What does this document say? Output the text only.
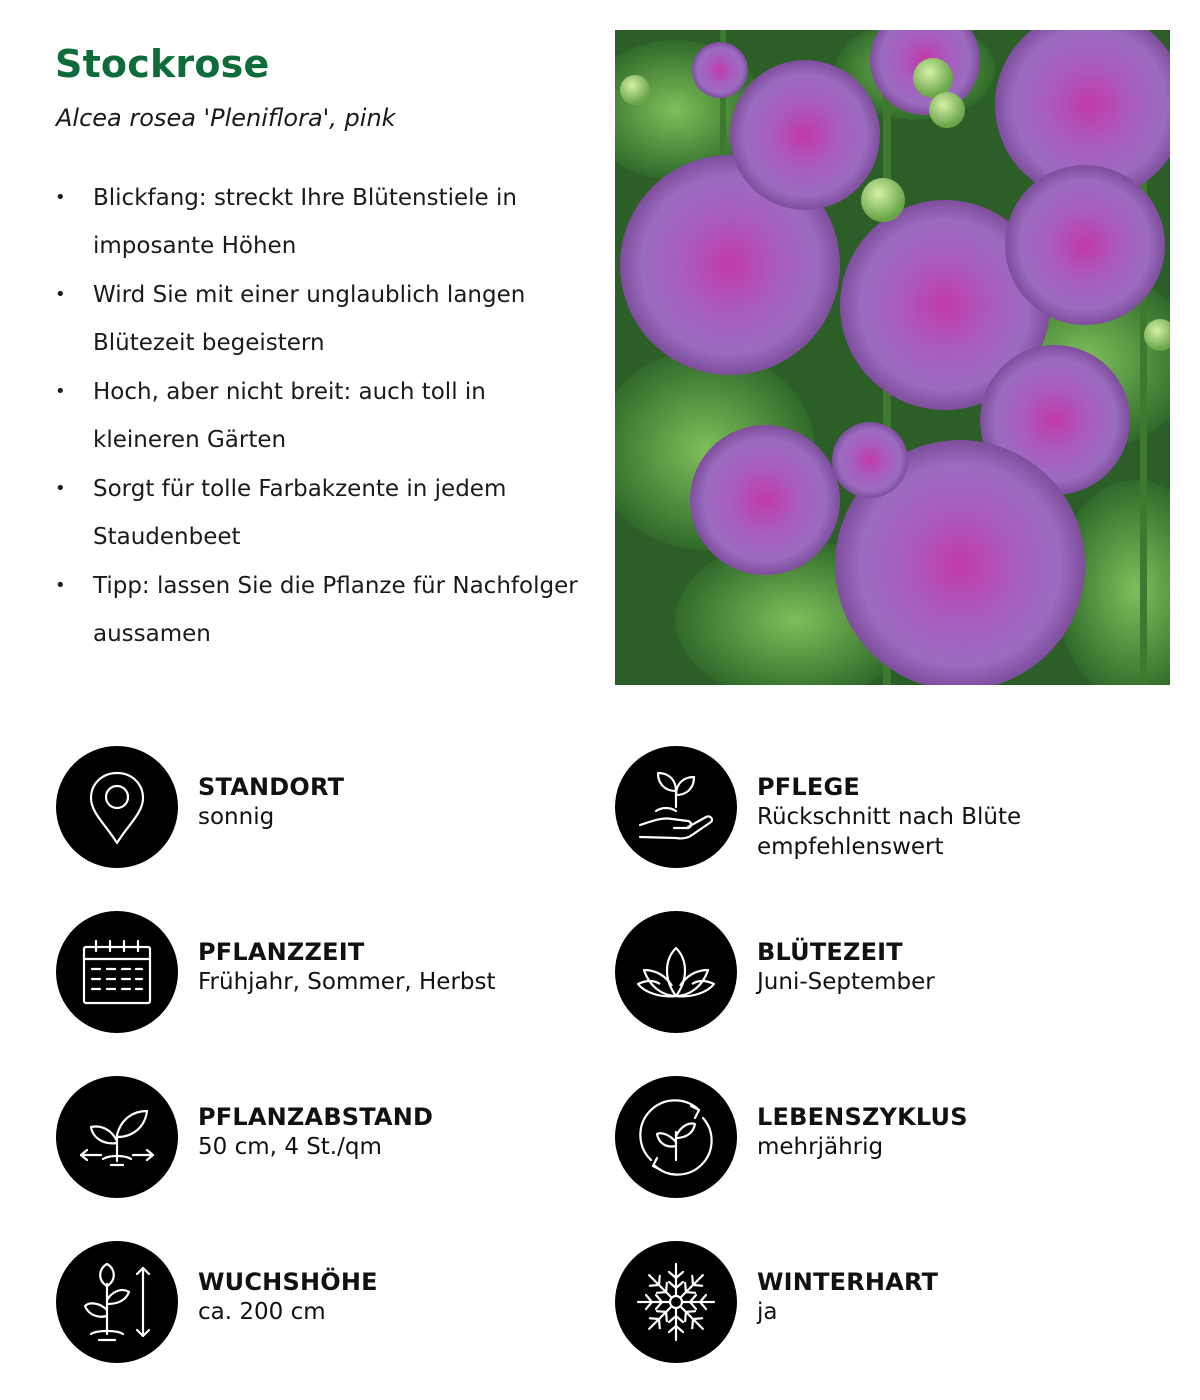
Stockrose
Alcea rosea 'Pleniflora', pink
• Blickfang: streckt Ihre Blütenstiele in imposante Höhen
• Wird Sie mit einer unglaublich langen Blütezeit begeistern
• Hoch, aber nicht breit: auch toll in kleineren Gärten
• Sorgt für tolle Farbakzente in jedem Staudenbeet
• Tipp: lassen Sie die Pflanze für Nachfolger aussamen
STANDORT
sonnig
PFLEGE
Rückschnitt nach Blüte empfehlenswert
PFLANZZEIT
Frühjahr, Sommer, Herbst
BLÜTEZEIT
Juni-September
PFLANZABSTAND
50 cm, 4 St./qm
LEBENSZYKLUS
mehrjährig
WUCHSHÖHE
ca. 200 cm
WINTERHART
ja
